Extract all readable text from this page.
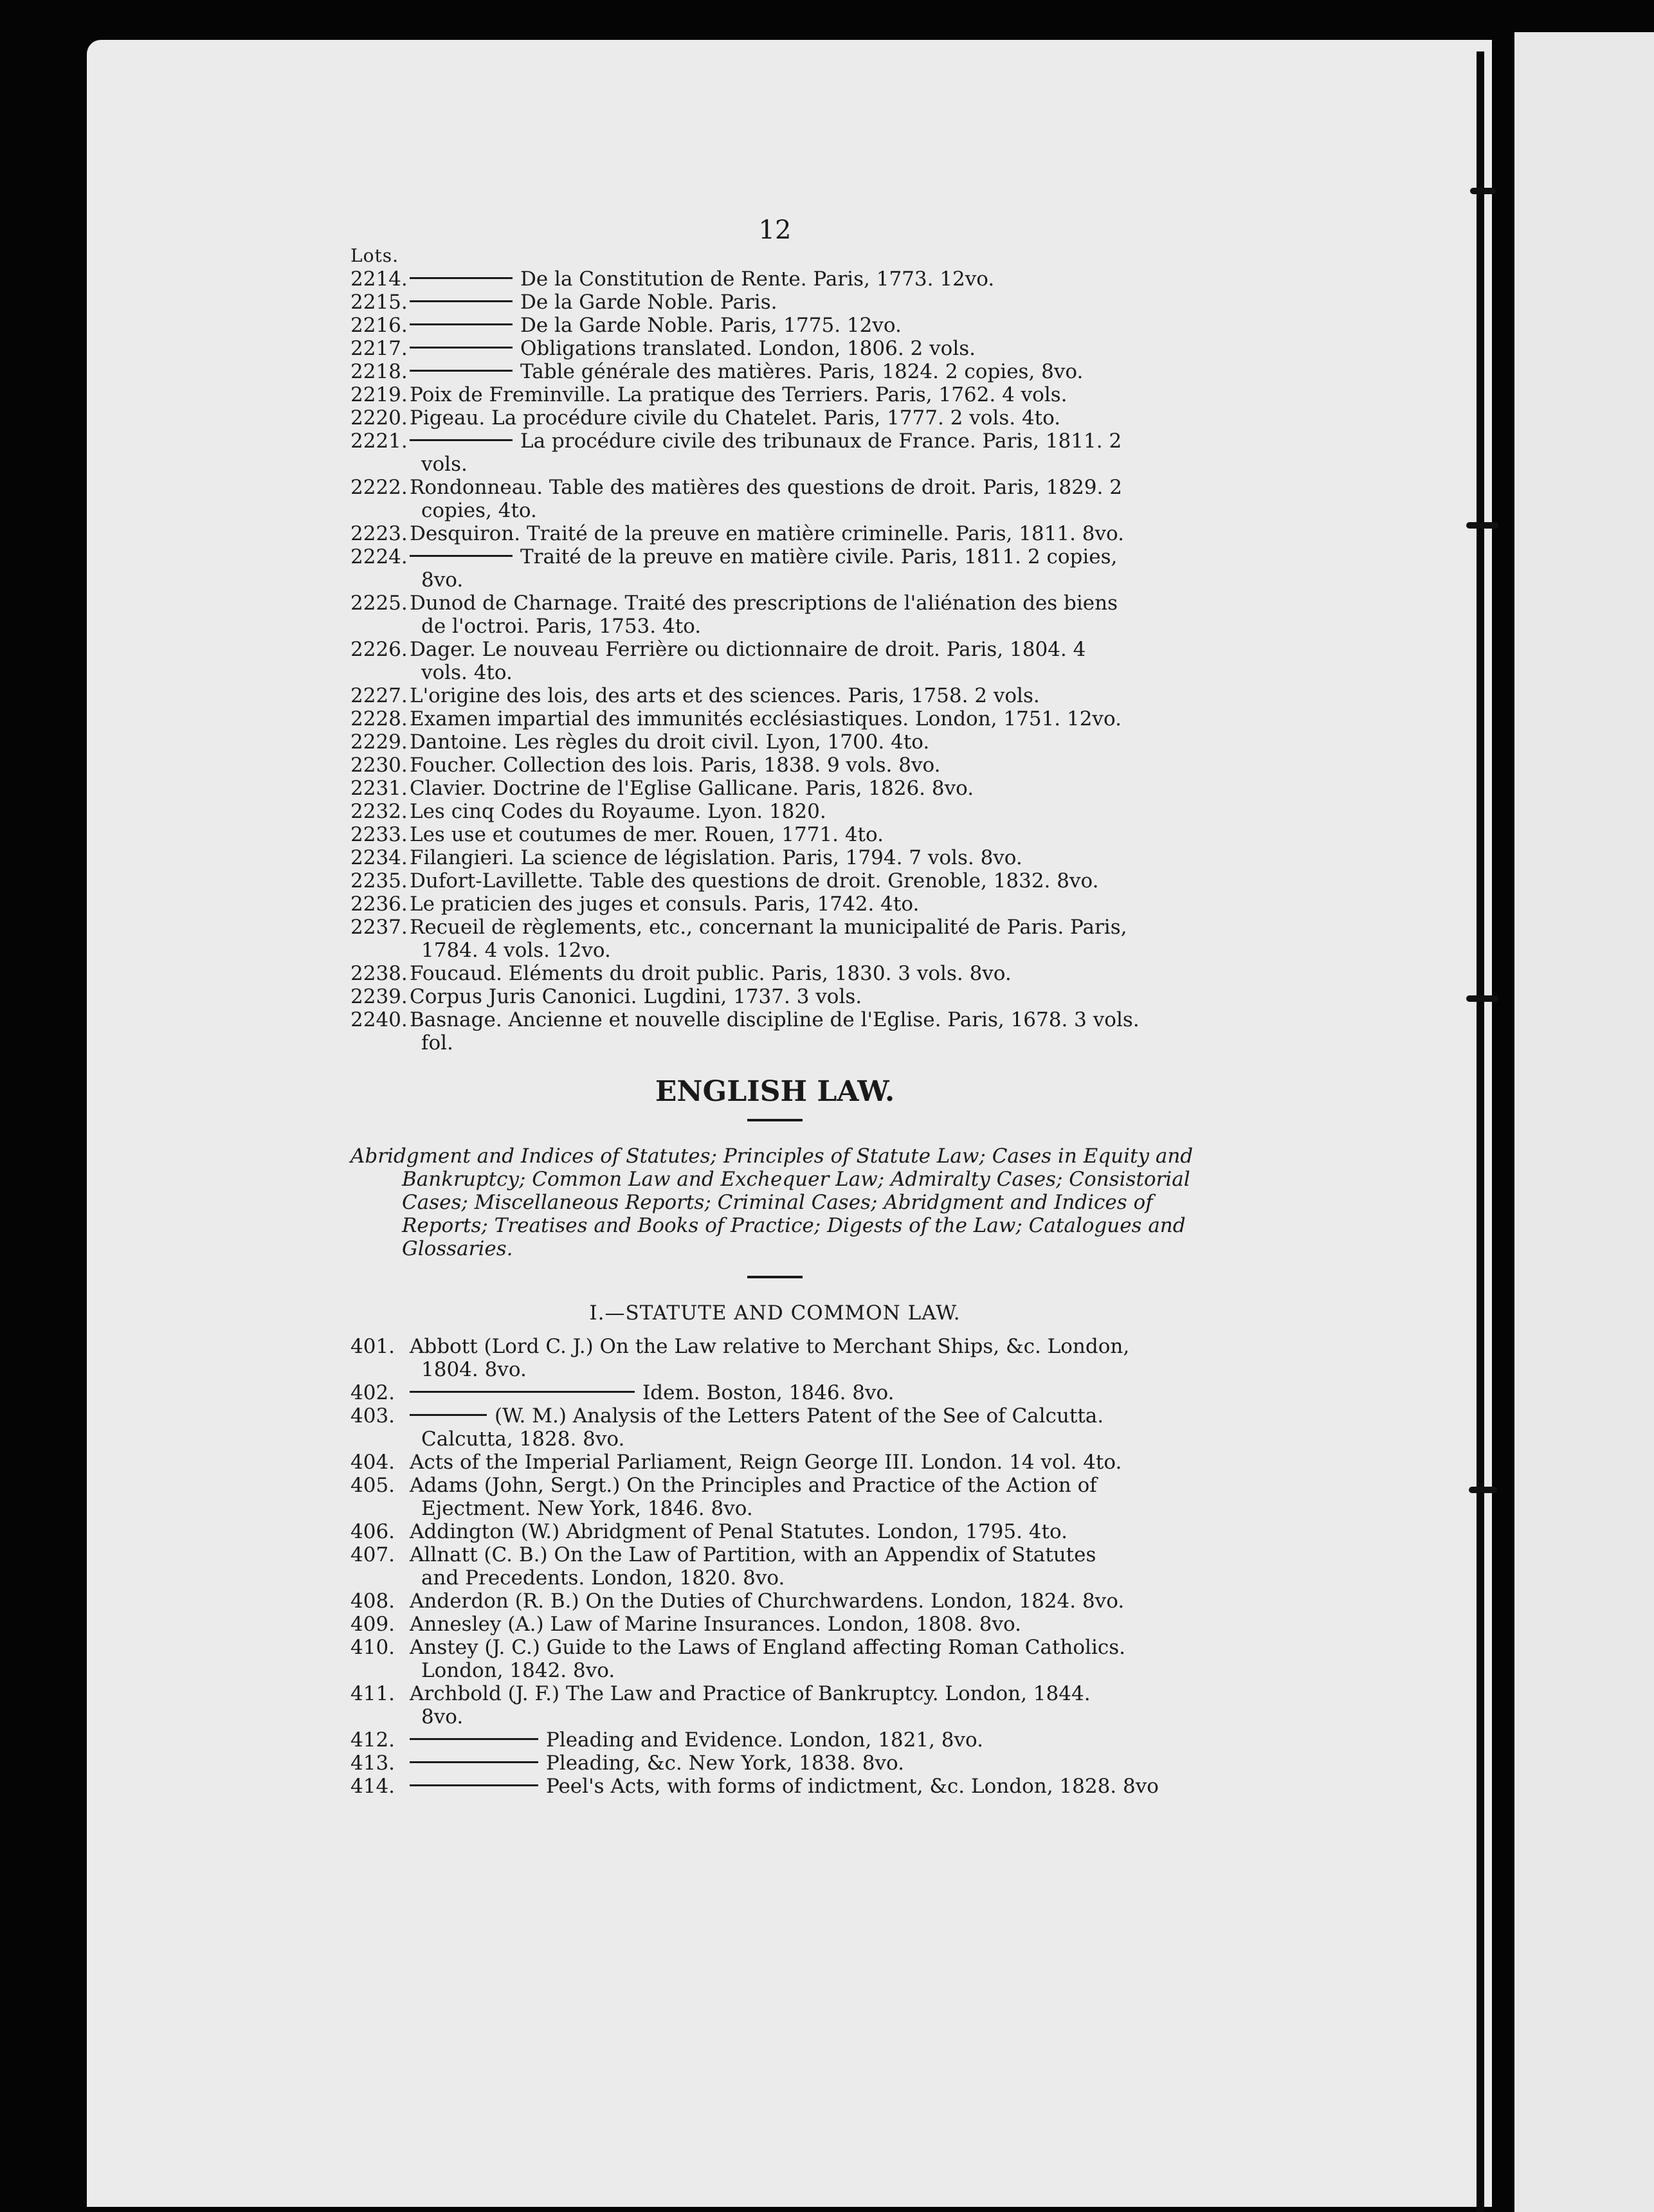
12
Lots.
2214.	De la Constitution de Rente. Paris, 1773. 12vo.
2215.	De la Garde Noble. Paris.
2216.	De la Garde Noble. Paris, 1775. 12vo.
2217.	Obligations translated. London, 1806. 2 vols.
2218.	Table générale des matières. Paris, 1824. 2 copies, 8vo.
2219. Poix de Freminville. La pratique des Terriers. Paris, 1762. 4 vols.
2220. Pigeau. La procédure civile du Chatelet. Paris, 1777. 2 vols. 4to.
2221.	La procédure civile des tribunaux de France. Paris, 1811. 2
vols.
2222. Rondonneau. Table des matières des questions de droit. Paris, 1829. 2
copies, 4to.
2223. Desquiron. Traité de la preuve en matière criminelle. Paris, 1811. 8vo.
2224.	Traité de la preuve en matière civile. Paris, 1811. 2 copies,
8vo.
2225. Dunod de Charnage. Traité des prescriptions de l'aliénation des biens
de l'octroi. Paris, 1753. 4to.
2226. Dager. Le nouveau Ferrière ou dictionnaire de droit. Paris, 1804. 4
vols. 4to.
2227. L'origine des lois, des arts et des sciences. Paris, 1758. 2 vols.
2228. Examen impartial des immunités ecclésiastiques. London, 1751. 12vo.
2229. Dantoine. Les règles du droit civil. Lyon, 1700. 4to.
2230. Foucher. Collection des lois. Paris, 1838. 9 vols. 8vo.
2231. Clavier. Doctrine de l'Eglise Gallicane. Paris, 1826. 8vo.
2232. Les cinq Codes du Royaume. Lyon. 1820.
2233. Les use et coutumes de mer. Rouen, 1771. 4to.
2234. Filangieri. La science de législation. Paris, 1794. 7 vols. 8vo.
2235. Dufort-Lavillette. Table des questions de droit. Grenoble, 1832. 8vo.
2236. Le praticien des juges et consuls. Paris, 1742. 4to.
2237. Recueil de règlements, etc., concernant la municipalité de Paris. Paris,
1784. 4 vols. 12vo.
2238. Foucaud. Eléments du droit public. Paris, 1830. 3 vols. 8vo.
2239. Corpus Juris Canonici. Lugdini, 1737. 3 vols.
2240. Basnage. Ancienne et nouvelle discipline de l'Eglise. Paris, 1678. 3 vols.
fol.
ENGLISH LAW.
Abridgment and Indices of Statutes; Principles of Statute Law; Cases in Equity and Bankruptcy; Common Law and Exchequer Law; Admiralty Cases; Consistorial Cases; Miscellaneous Reports; Criminal Cases; Abridgment and Indices of Reports; Treatises and Books of Practice; Digests of the Law; Catalogues and Glossaries.
I.—STATUTE AND COMMON LAW.
401. Abbott (Lord C. J.) On the Law relative to Merchant Ships, &c. London,
1804. 8vo.
402.	Idem. Boston, 1846. 8vo.
403.	(W. M.) Analysis of the Letters Patent of the See of Calcutta.
Calcutta, 1828. 8vo.
404. Acts of the Imperial Parliament, Reign George III. London. 14 vol. 4to.
405. Adams (John, Sergt.) On the Principles and Practice of the Action of
Ejectment. New York, 1846. 8vo.
406. Addington (W.) Abridgment of Penal Statutes. London, 1795. 4to.
407. Allnatt (C. B.) On the Law of Partition, with an Appendix of Statutes
and Precedents. London, 1820. 8vo.
408. Anderdon (R. B.) On the Duties of Churchwardens. London, 1824. 8vo.
409. Annesley (A.) Law of Marine Insurances. London, 1808. 8vo.
410. Anstey (J. C.) Guide to the Laws of England affecting Roman Catholics.
London, 1842. 8vo.
411. Archbold (J. F.) The Law and Practice of Bankruptcy. London, 1844.
8vo.
412.	Pleading and Evidence. London, 1821, 8vo.
413.	Pleading, &c. New York, 1838. 8vo.
414.	Peel's Acts, with forms of indictment, &c. London, 1828. 8vo
